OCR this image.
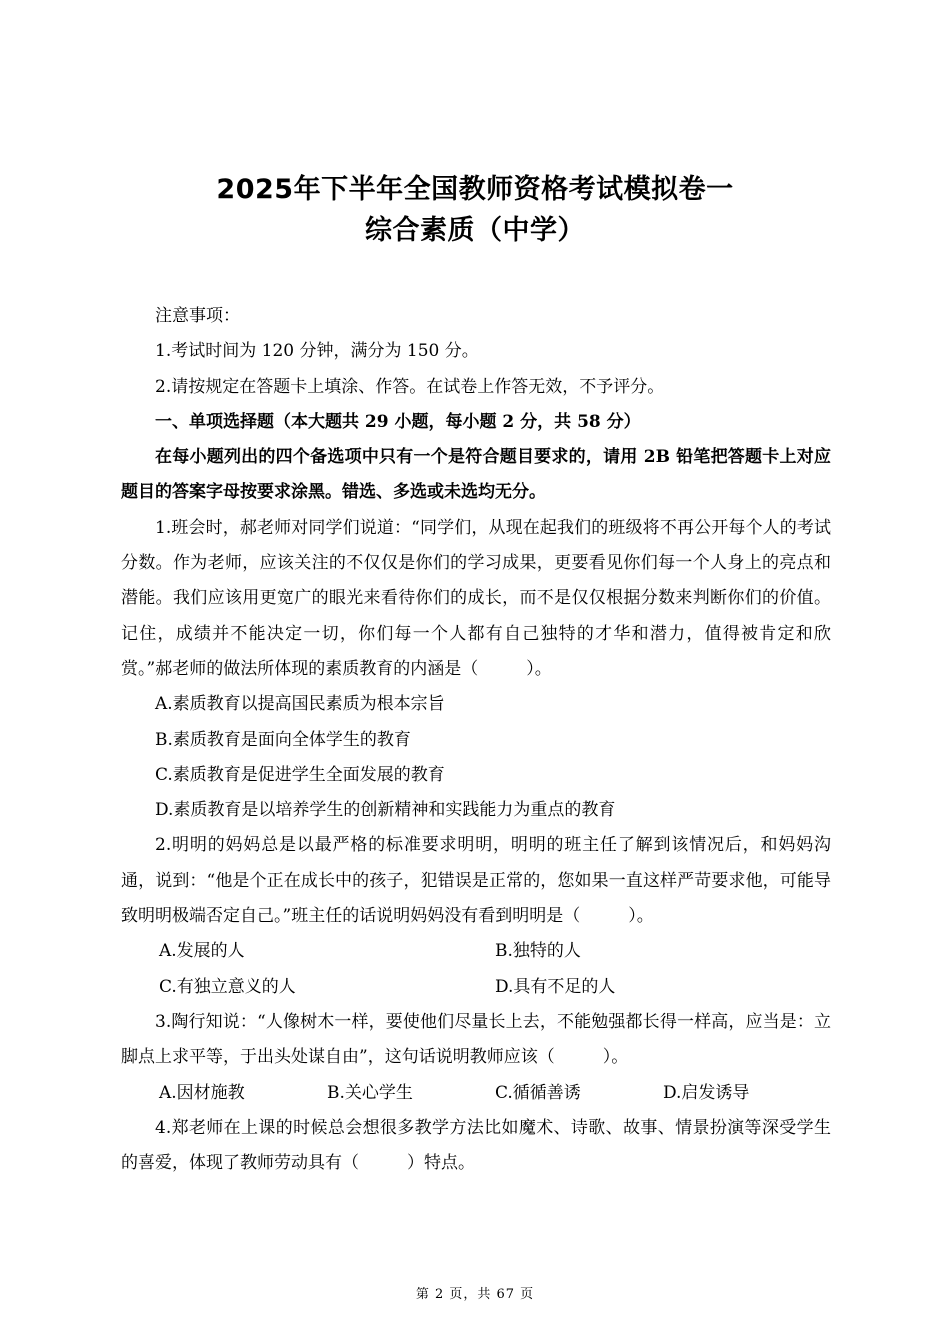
2025年下半年全国教师资格考试模拟卷一
综合素质（中学）

注意事项：

1.考试时间为 120 分钟，满分为 150 分。

2.请按规定在答题卡上填涂、作答。在试卷上作答无效，不予评分。

一、单项选择题（本大题共 29 小题，每小题 2 分，共 58 分）

在每小题列出的四个备选项中只有一个是符合题目要求的，请用 2B 铅笔把答题卡上对应题目的答案字母按要求涂黑。错选、多选或未选均无分。

1.班会时，郝老师对同学们说道：“同学们，从现在起我们的班级将不再公开每个人的考试分数。作为老师，应该关注的不仅仅是你们的学习成果，更要看见你们每一个人身上的亮点和潜能。我们应该用更宽广的眼光来看待你们的成长，而不是仅仅根据分数来判断你们的价值。记住，成绩并不能决定一切，你们每一个人都有自己独特的才华和潜力，值得被肯定和欣赏。”郝老师的做法所体现的素质教育的内涵是（	）。

A.素质教育以提高国民素质为根本宗旨

B.素质教育是面向全体学生的教育

C.素质教育是促进学生全面发展的教育

D.素质教育是以培养学生的创新精神和实践能力为重点的教育

2.明明的妈妈总是以最严格的标准要求明明，明明的班主任了解到该情况后，和妈妈沟通，说到：“他是个正在成长中的孩子，犯错误是正常的，您如果一直这样严苛要求他，可能导致明明极端否定自己。”班主任的话说明妈妈没有看到明明是（	）。

A.发展的人	B.独特的人
C.有独立意义的人	D.具有不足的人

3.陶行知说：“人像树木一样，要使他们尽量长上去，不能勉强都长得一样高，应当是：立脚点上求平等，于出头处谋自由”，这句话说明教师应该（	）。

A.因材施教	B.关心学生	C.循循善诱	D.启发诱导

4.郑老师在上课的时候总会想很多教学方法比如魔术、诗歌、故事、情景扮演等深受学生的喜爱，体现了教师劳动具有（	）特点。

第 2 页，共 67 页
